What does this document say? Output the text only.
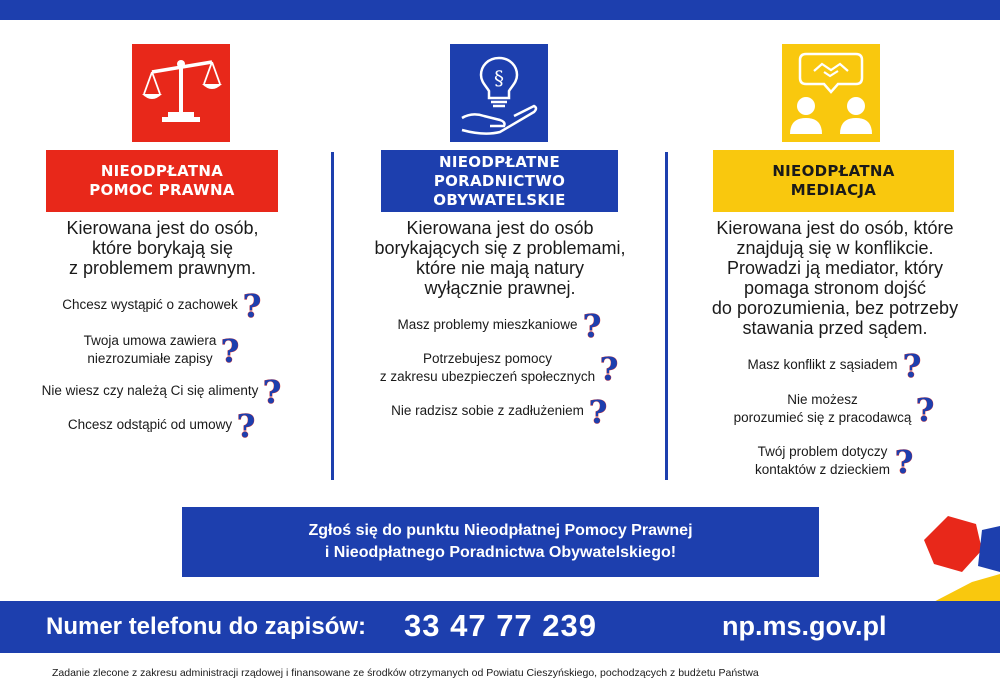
NIEODPŁATNA
POMOC PRAWNA
Kierowana jest do osób,
które borykają się
z problemem prawnym.
Chcesz wystąpić o zachowek ?
Twoja umowa zawiera
niezrozumiałe zapisy ?
Nie wiesz czy należą Ci się alimenty ?
Chcesz odstąpić od umowy ?
§
NIEODPŁATNE
PORADNICTWO OBYWATELSKIE
Kierowana jest do osób
borykających się z problemami,
które nie mają natury
wyłącznie prawnej.
Masz problemy mieszkaniowe ?
Potrzebujesz pomocy
z zakresu ubezpieczeń społecznych ?
Nie radzisz sobie z zadłużeniem ?
NIEODPŁATNA
MEDIACJA
Kierowana jest do osób, które
znajdują się w konflikcie.
Prowadzi ją mediator, który
pomaga stronom dojść
do porozumienia, bez potrzeby
stawania przed sądem.
Masz konflikt z sąsiadem ?
Nie możesz
porozumieć się z pracodawcą ?
Twój problem dotyczy
kontaktów z dzieckiem ?
Zgłoś się do punktu Nieodpłatnej Pomocy Prawnej
i Nieodpłatnego Poradnictwa Obywatelskiego!
Numer telefonu do zapisów: 33 47 77 239	np.ms.gov.pl
Zadanie zlecone z zakresu administracji rządowej i finansowane ze środków otrzymanych od Powiatu Cieszyńskiego, pochodzących z budżetu Państwa
